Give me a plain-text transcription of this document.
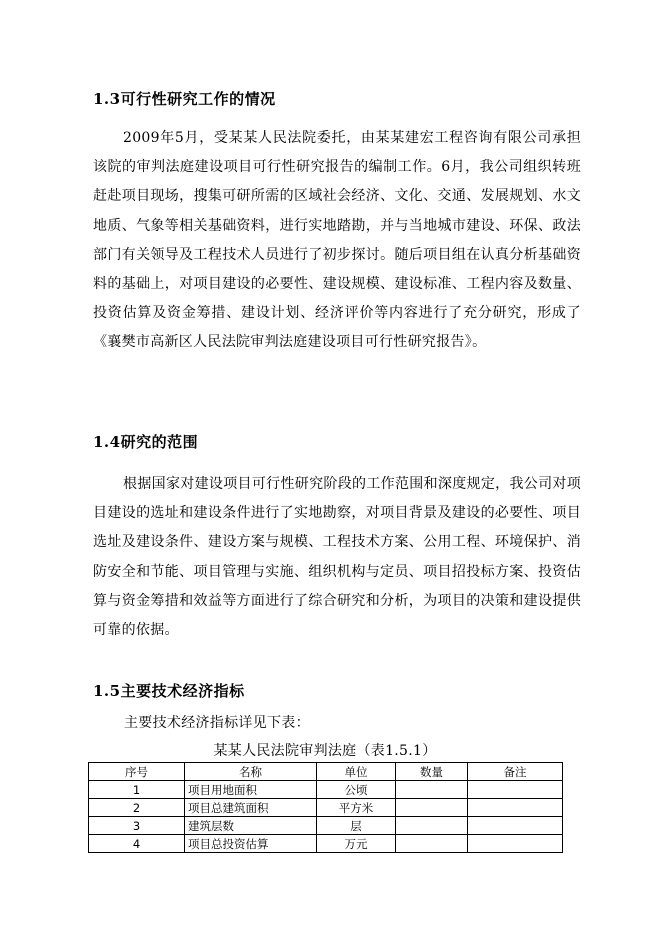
1.3可行性研究工作的情况

2009年5月，受某某人民法院委托，由某某建宏工程咨询有限公司承担该院的审判法庭建设项目可行性研究报告的编制工作。6月，我公司组织转班赶赴项目现场，搜集可研所需的区域社会经济、文化、交通、发展规划、水文地质、气象等相关基础资料，进行实地踏勘，并与当地城市建设、环保、政法部门有关领导及工程技术人员进行了初步探讨。随后项目组在认真分析基础资料的基础上，对项目建设的必要性、建设规模、建设标准、工程内容及数量、投资估算及资金筹措、建设计划、经济评价等内容进行了充分研究，形成了《襄樊市高新区人民法院审判法庭建设项目可行性研究报告》。

1.4研究的范围

根据国家对建设项目可行性研究阶段的工作范围和深度规定，我公司对项目建设的选址和建设条件进行了实地勘察，对项目背景及建设的必要性、项目选址及建设条件、建设方案与规模、工程技术方案、公用工程、环境保护、消防安全和节能、项目管理与实施、组织机构与定员、项目招投标方案、投资估算与资金筹措和效益等方面进行了综合研究和分析，为项目的决策和建设提供可靠的依据。

1.5主要技术经济指标
主要技术经济指标详见下表：
某某人民法院审判法庭（表1.5.1）
序号	名称	单位	数量	备注
1	项目用地面积	公顷		
2	项目总建筑面积	平方米		
3	建筑层数	层		
4	项目总投资估算	万元		
